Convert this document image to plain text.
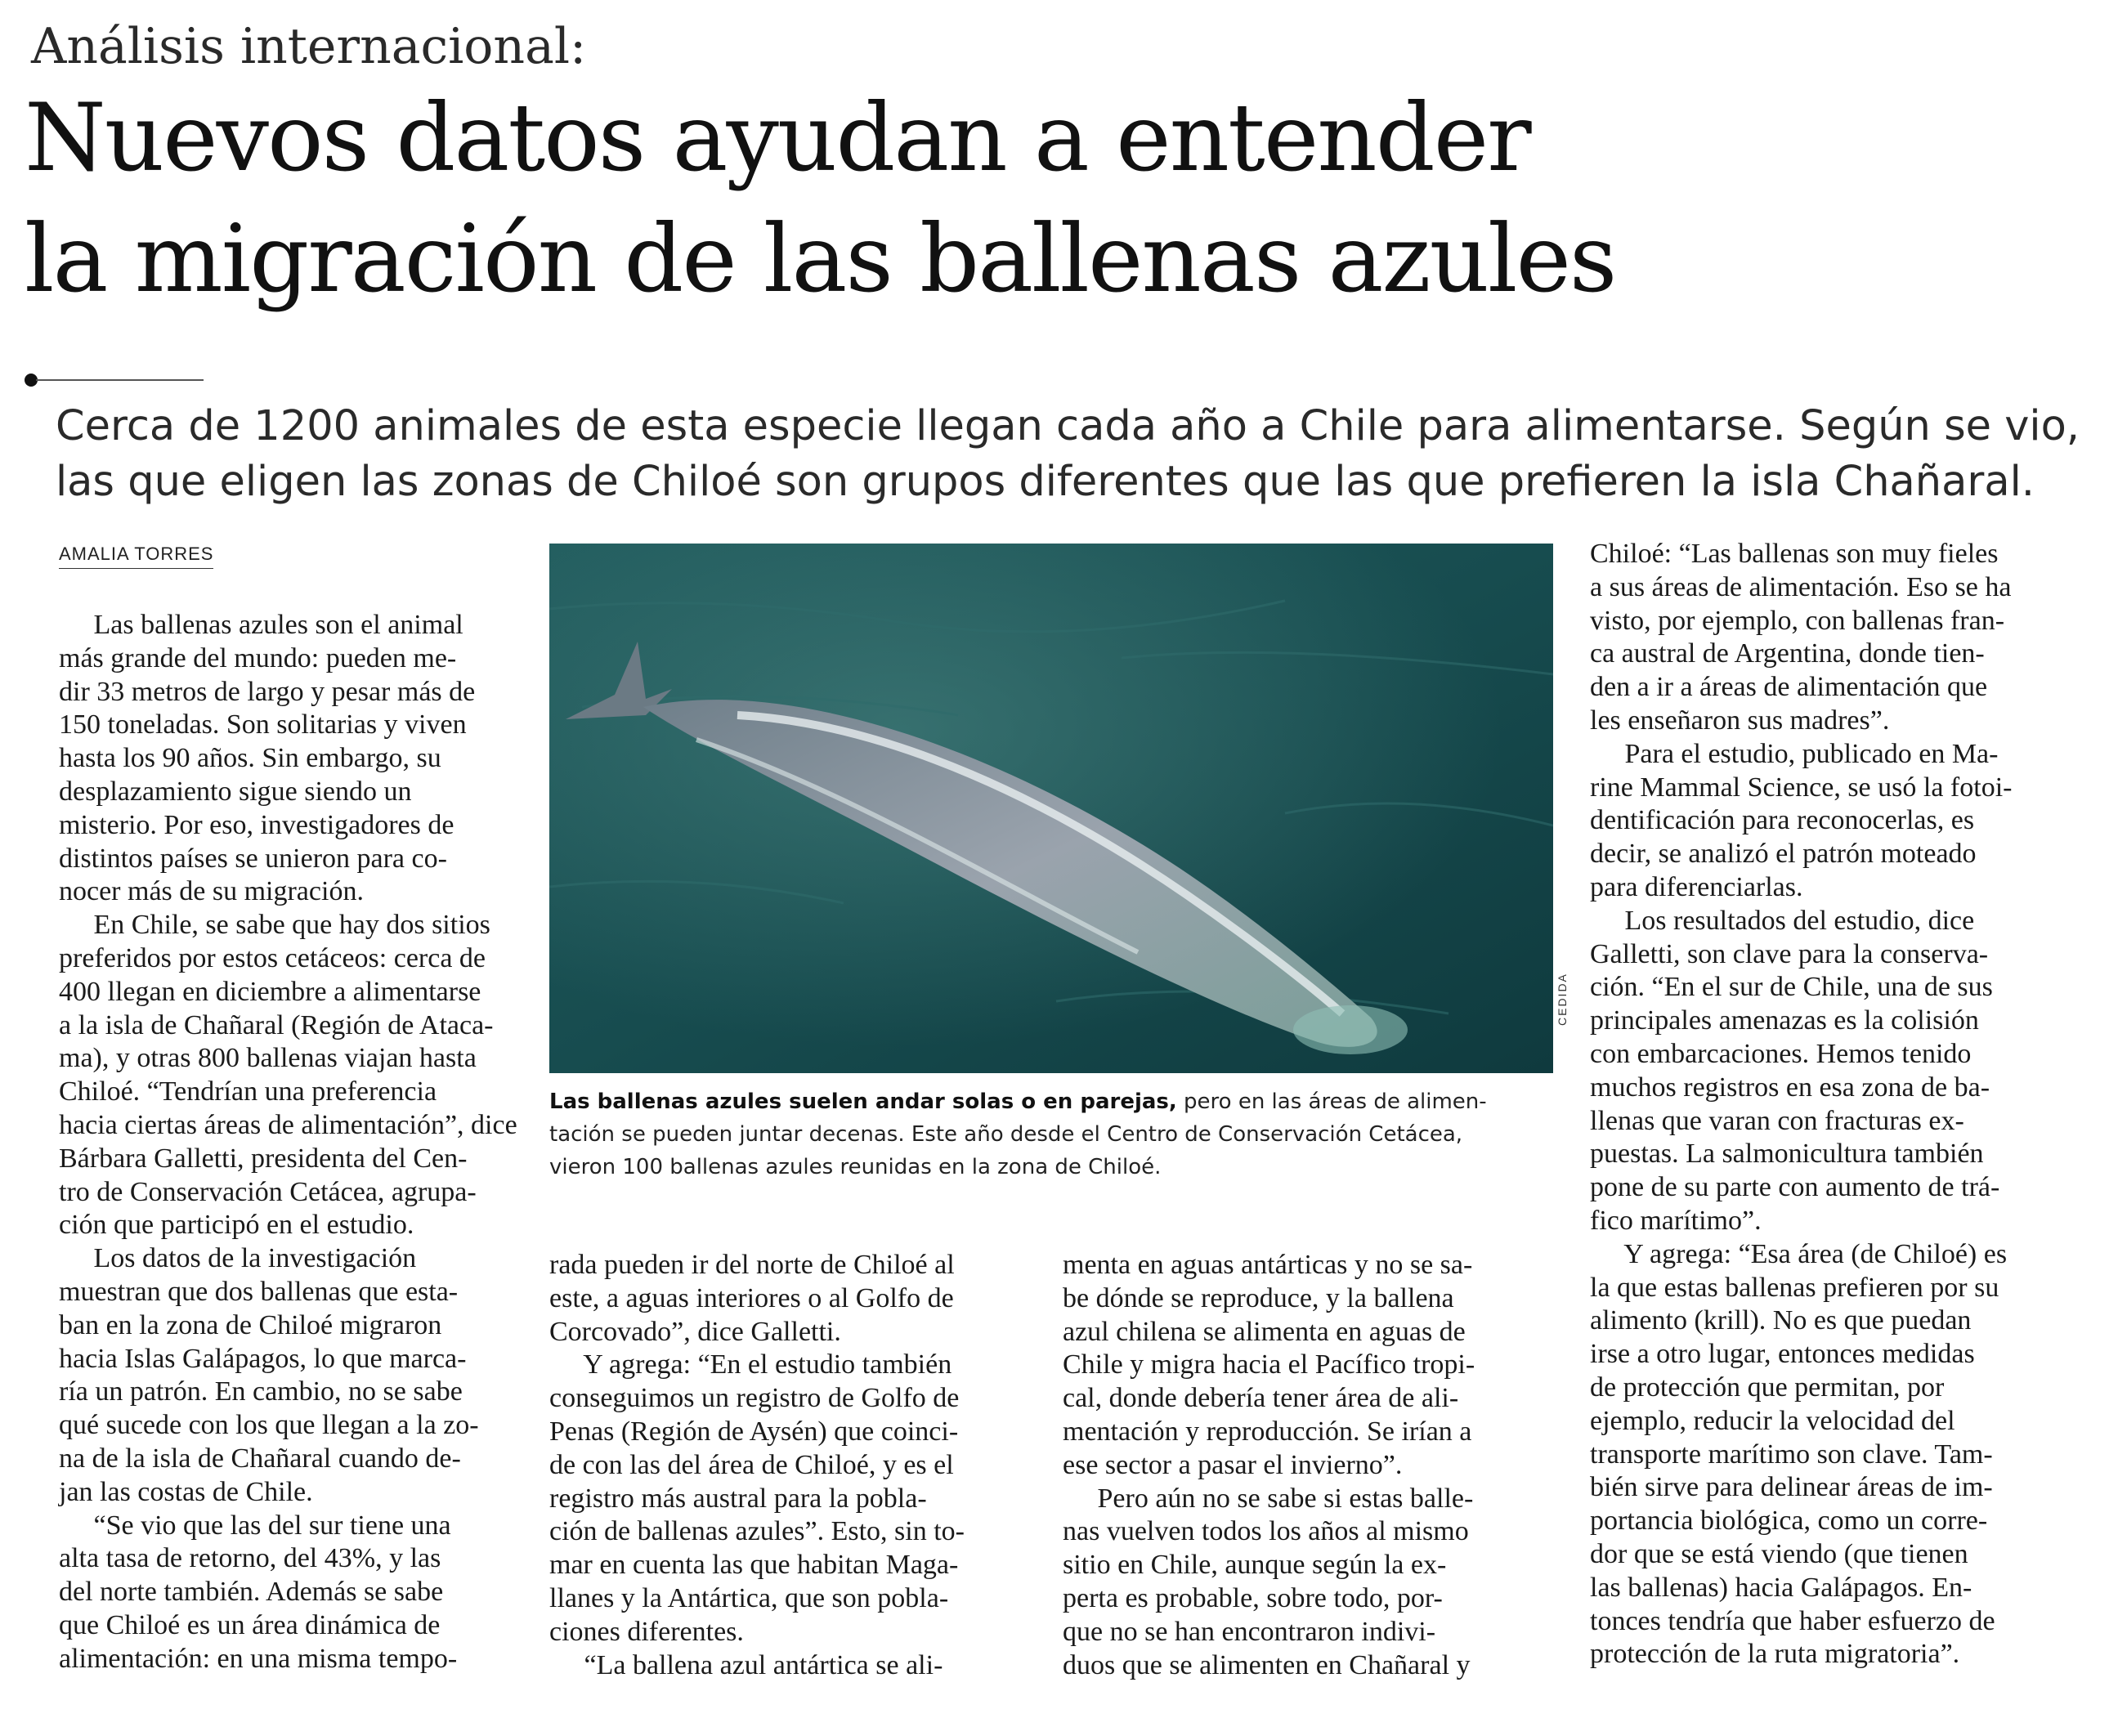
Análisis internacional:
Nuevos datos ayudan a entender
la migración de las ballenas azules

Cerca de 1200 animales de esta especie llegan cada año a Chile para alimentarse. Según se vio,

las que eligen las zonas de Chiloé son grupos diferentes que las que prefieren la isla Chañaral.

AMALIA TORRES
CEDIDA

Las ballenas azules suelen andar solas o en parejas, pero en las áreas de alimen-

tación se pueden juntar decenas. Este año desde el Centro de Conservación Cetácea,

vieron 100 ballenas azules reunidas en la zona de Chiloé.

Las ballenas azules son el animal

más grande del mundo: pueden me-

dir 33 metros de largo y pesar más de

150 toneladas. Son solitarias y viven

hasta los 90 años. Sin embargo, su

desplazamiento sigue siendo un

misterio. Por eso, investigadores de

distintos países se unieron para co-

nocer más de su migración.

En Chile, se sabe que hay dos sitios

preferidos por estos cetáceos: cerca de

400 llegan en diciembre a alimentarse

a la isla de Chañaral (Región de Ataca-

ma), y otras 800 ballenas viajan hasta

Chiloé. “Tendrían una preferencia

hacia ciertas áreas de alimentación”, dice

Bárbara Galletti, presidenta del Cen-

tro de Conservación Cetácea, agrupa-

ción que participó en el estudio.

Los datos de la investigación

muestran que dos ballenas que esta-

ban en la zona de Chiloé migraron

hacia Islas Galápagos, lo que marca-

ría un patrón. En cambio, no se sabe

qué sucede con los que llegan a la zo-

na de la isla de Chañaral cuando de-

jan las costas de Chile.

“Se vio que las del sur tiene una

alta tasa de retorno, del 43%, y las

del norte también. Además se sabe

que Chiloé es un área dinámica de

alimentación: en una misma tempo-

rada pueden ir del norte de Chiloé al

este, a aguas interiores o al Golfo de

Corcovado”, dice Galletti.

Y agrega: “En el estudio también

conseguimos un registro de Golfo de

Penas (Región de Aysén) que coinci-

de con las del área de Chiloé, y es el

registro más austral para la pobla-

ción de ballenas azules”. Esto, sin to-

mar en cuenta las que habitan Maga-

llanes y la Antártica, que son pobla-

ciones diferentes.

“La ballena azul antártica se ali-

menta en aguas antárticas y no se sa-

be dónde se reproduce, y la ballena

azul chilena se alimenta en aguas de

Chile y migra hacia el Pacífico tropi-

cal, donde debería tener área de ali-

mentación y reproducción. Se irían a

ese sector a pasar el invierno”.

Pero aún no se sabe si estas balle-

nas vuelven todos los años al mismo

sitio en Chile, aunque según la ex-

perta es probable, sobre todo, por-

que no se han encontraron indivi-

duos que se alimenten en Chañaral y

Chiloé: “Las ballenas son muy fieles

a sus áreas de alimentación. Eso se ha

visto, por ejemplo, con ballenas fran-

ca austral de Argentina, donde tien-

den a ir a áreas de alimentación que

les enseñaron sus madres”.

Para el estudio, publicado en Ma-

rine Mammal Science, se usó la fotoi-

dentificación para reconocerlas, es

decir, se analizó el patrón moteado

para diferenciarlas.

Los resultados del estudio, dice

Galletti, son clave para la conserva-

ción. “En el sur de Chile, una de sus

principales amenazas es la colisión

con embarcaciones. Hemos tenido

muchos registros en esa zona de ba-

llenas que varan con fracturas ex-

puestas. La salmonicultura también

pone de su parte con aumento de trá-

fico marítimo”.

Y agrega: “Esa área (de Chiloé) es

la que estas ballenas prefieren por su

alimento (krill). No es que puedan

irse a otro lugar, entonces medidas

de protección que permitan, por

ejemplo, reducir la velocidad del

transporte marítimo son clave. Tam-

bién sirve para delinear áreas de im-

portancia biológica, como un corre-

dor que se está viendo (que tienen

las ballenas) hacia Galápagos. En-

tonces tendría que haber esfuerzo de

protección de la ruta migratoria”.
